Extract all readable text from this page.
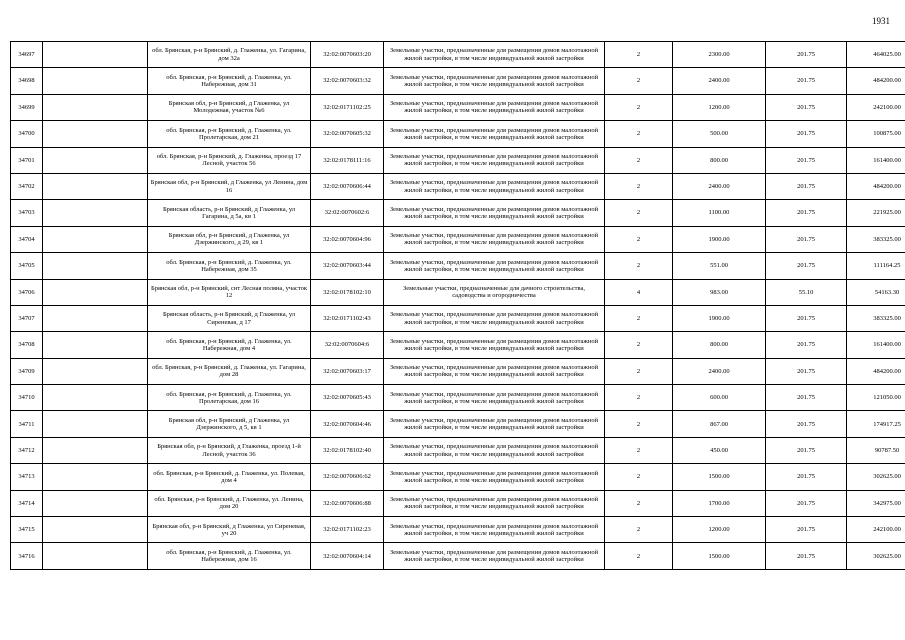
1931
34697		обл. Брянская, р-н Брянский, д. Глаженка, ул. Гагарина, дом 32а	32:02:0070603:20	Земельные участки, предназначенные для размещения домов малоэтажной жилой застройки, в том числе индивидуальной жилой застройки	2	2300.00	201.75	464025.00
34698		обл. Брянская, р-н Брянский, д. Глаженка, ул. Набережная, дом 31	32:02:0070603:32	Земельные участки, предназначенные для размещения домов малоэтажной жилой застройки, в том числе индивидуальной жилой застройки	2	2400.00	201.75	484200.00
34699		Брянская обл, р-н Брянский, д Глаженка, ул Молодежная, участок №6	32:02:0171102:25	Земельные участки, предназначенные для размещения домов малоэтажной жилой застройки, в том числе индивидуальной жилой застройки	2	1200.00	201.75	242100.00
34700		обл. Брянская, р-н Брянский, д. Глаженка, ул. Пролетарская, дом 21	32:02:0070605:32	Земельные участки, предназначенные для размещения домов малоэтажной жилой застройки, в том числе индивидуальной жилой застройки	2	500.00	201.75	100875.00
34701		обл. Брянская, р-н Брянский, д. Глаженка, проезд 17 Лесной, участок 56	32:02:0178111:16	Земельные участки, предназначенные для размещения домов малоэтажной жилой застройки, в том числе индивидуальной жилой застройки	2	800.00	201.75	161400.00
34702		Брянская обл, р-н Брянский, д Глаженка, ул Ленина, дом 16	32:02:0070606:44	Земельные участки, предназначенные для размещения домов малоэтажной жилой застройки, в том числе индивидуальной жилой застройки	2	2400.00	201.75	484200.00
34703		Брянская область, р-н Брянский, д Глаженка, ул Гагарина, д 5а, кв 1	32:02:0070602:6	Земельные участки, предназначенные для размещения домов малоэтажной жилой застройки, в том числе индивидуальной жилой застройки	2	1100.00	201.75	221925.00
34704		Брянская обл, р-н Брянский, д Глаженка, ул Дзержинского, д 29, кв 1	32:02:0070604:96	Земельные участки, предназначенные для размещения домов малоэтажной жилой застройки, в том числе индивидуальной жилой застройки	2	1900.00	201.75	383325.00
34705		обл. Брянская, р-н Брянский, д. Глаженка, ул. Набережная, дом 35	32:02:0070603:44	Земельные участки, предназначенные для размещения домов малоэтажной жилой застройки, в том числе индивидуальной жилой застройки	2	551.00	201.75	111164.25
34706		Брянская обл, р-н Брянский, снт Лесная поляна, участок 12	32:02:0178102:10	Земельные участки, предназначенные для дачного строительства, садоводства и огородничества	4	983.00	55.10	54163.30
34707		Брянская область, р-н Брянский, д Глаженка, ул Сиреневая, д 17	32:02:0171102:43	Земельные участки, предназначенные для размещения домов малоэтажной жилой застройки, в том числе индивидуальной жилой застройки	2	1900.00	201.75	383325.00
34708		обл. Брянская, р-н Брянский, д. Глаженка, ул. Набережная, дом 4	32:02:0070604:6	Земельные участки, предназначенные для размещения домов малоэтажной жилой застройки, в том числе индивидуальной жилой застройки	2	800.00	201.75	161400.00
34709		обл. Брянская, р-н Брянский, д. Глаженка, ул. Гагарина, дом 28	32:02:0070603:17	Земельные участки, предназначенные для размещения домов малоэтажной жилой застройки, в том числе индивидуальной жилой застройки	2	2400.00	201.75	484200.00
34710		обл. Брянская, р-н Брянский, д. Глаженка, ул. Пролетарская, дом 16	32:02:0070605:43	Земельные участки, предназначенные для размещения домов малоэтажной жилой застройки, в том числе индивидуальной жилой застройки	2	600.00	201.75	121050.00
34711		Брянская обл, р-н Брянский, д Глаженка, ул Дзержинского, д 5, кв 1	32:02:0070604:46	Земельные участки, предназначенные для размещения домов малоэтажной жилой застройки, в том числе индивидуальной жилой застройки	2	867.00	201.75	174917.25
34712		Брянская обл, р-н Брянский, д Глаженка, проезд 1-й Лесной, участок 36	32:02:0178102:40	Земельные участки, предназначенные для размещения домов малоэтажной жилой застройки, в том числе индивидуальной жилой застройки	2	450.00	201.75	90787.50
34713		обл. Брянская, р-н Брянский, д. Глаженка, ул. Полевая, дом 4	32:02:0070606:62	Земельные участки, предназначенные для размещения домов малоэтажной жилой застройки, в том числе индивидуальной жилой застройки	2	1500.00	201.75	302625.00
34714		обл. Брянская, р-н Брянский, д. Глаженка, ул. Ленина, дом 20	32:02:0070606:88	Земельные участки, предназначенные для размещения домов малоэтажной жилой застройки, в том числе индивидуальной жилой застройки	2	1700.00	201.75	342975.00
34715		Брянская обл, р-н Брянский, д Глаженка, ул Сиреневая, уч 20	32:02:0171102:23	Земельные участки, предназначенные для размещения домов малоэтажной жилой застройки, в том числе индивидуальной жилой застройки	2	1200.00	201.75	242100.00
34716		обл. Брянская, р-н Брянский, д. Глаженка, ул. Набережная, дом 16	32:02:0070604:14	Земельные участки, предназначенные для размещения домов малоэтажной жилой застройки, в том числе индивидуальной жилой застройки	2	1500.00	201.75	302625.00
